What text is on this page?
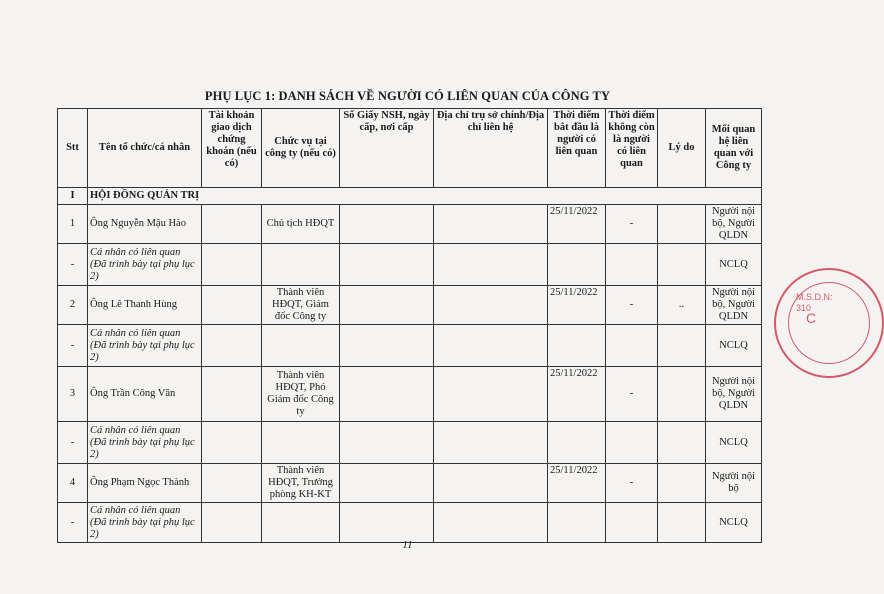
PHỤ LỤC 1: DANH SÁCH VỀ NGƯỜI CÓ LIÊN QUAN CỦA CÔNG TY
Stt	Tên tổ chức/cá nhân	Tài khoản giao dịch chứng khoán (nếu có)	Chức vụ tại công ty (nếu có)	Số Giấy NSH, ngày cấp, nơi cấp	Địa chỉ trụ sở chính/Địa chỉ liên hệ	Thời điểm bắt đầu là người có liên quan	Thời điểm không còn là người có liên quan	Lý do	Mối quan hệ liên quan với Công ty
I	HỘI ĐỒNG QUẢN TRỊ								
1	Ông Nguyễn Mậu Hào		Chủ tịch HĐQT			25/11/2022	-		Người nội bộ, Người QLDN
-	Cá nhân có liên quan (Đã trình bày tại phụ lục 2)								NCLQ
2	Ông Lê Thanh Hùng		Thành viên HĐQT, Giám đốc Công ty			25/11/2022	-	..	Người nội bộ, Người QLDN
-	Cá nhân có liên quan (Đã trình bày tại phụ lục 2)								NCLQ
3	Ông Trần Công Văn		Thành viên HĐQT, Phó Giám đốc Công ty			25/11/2022	-		Người nội bộ, Người QLDN
-	Cá nhân có liên quan (Đã trình bày tại phụ lục 2)								NCLQ
4	Ông Phạm Ngọc Thành		Thành viên HĐQT, Trưởng phòng KH-KT			25/11/2022	-		Người nội bộ
-	Cá nhân có liên quan (Đã trình bày tại phụ lục 2)								NCLQ
11
M.S.D.N: 310
C
